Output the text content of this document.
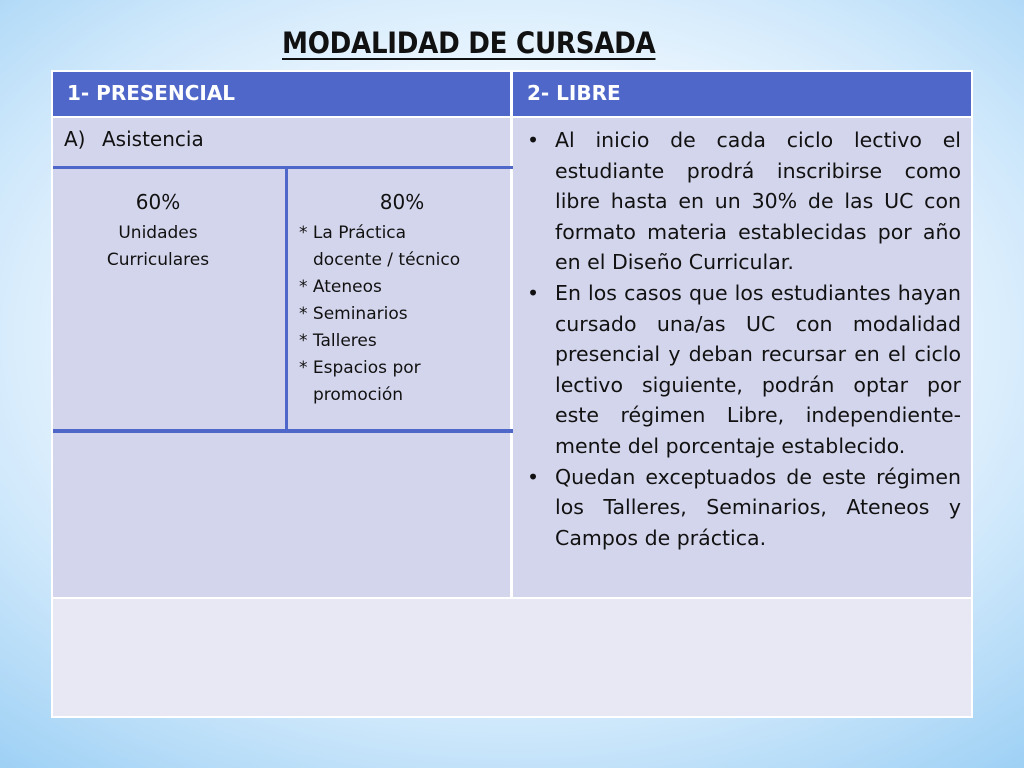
MODALIDAD DE CURSADA
1- PRESENCIAL	2- LIBRE
A) Asistencia
60%
Unidades
Curriculares
80%
* La Práctica
docente / técnico
* Ateneos
* Seminarios
* Talleres
* Espacios por
promoción
• Al inicio de cada ciclo lectivo el estudiante prodrá inscribirse como libre hasta en un 30% de las UC con formato materia establecidas por año en el Diseño Curricular.
• En los casos que los estudiantes hayan cursado una/as UC con modalidad presencial y deban recursar en el ciclo lectivo siguiente, podrán optar por este régimen Libre, independiente-mente del porcentaje establecido.
• Quedan exceptuados de este régimen los Talleres, Seminarios, Ateneos y Campos de práctica.
